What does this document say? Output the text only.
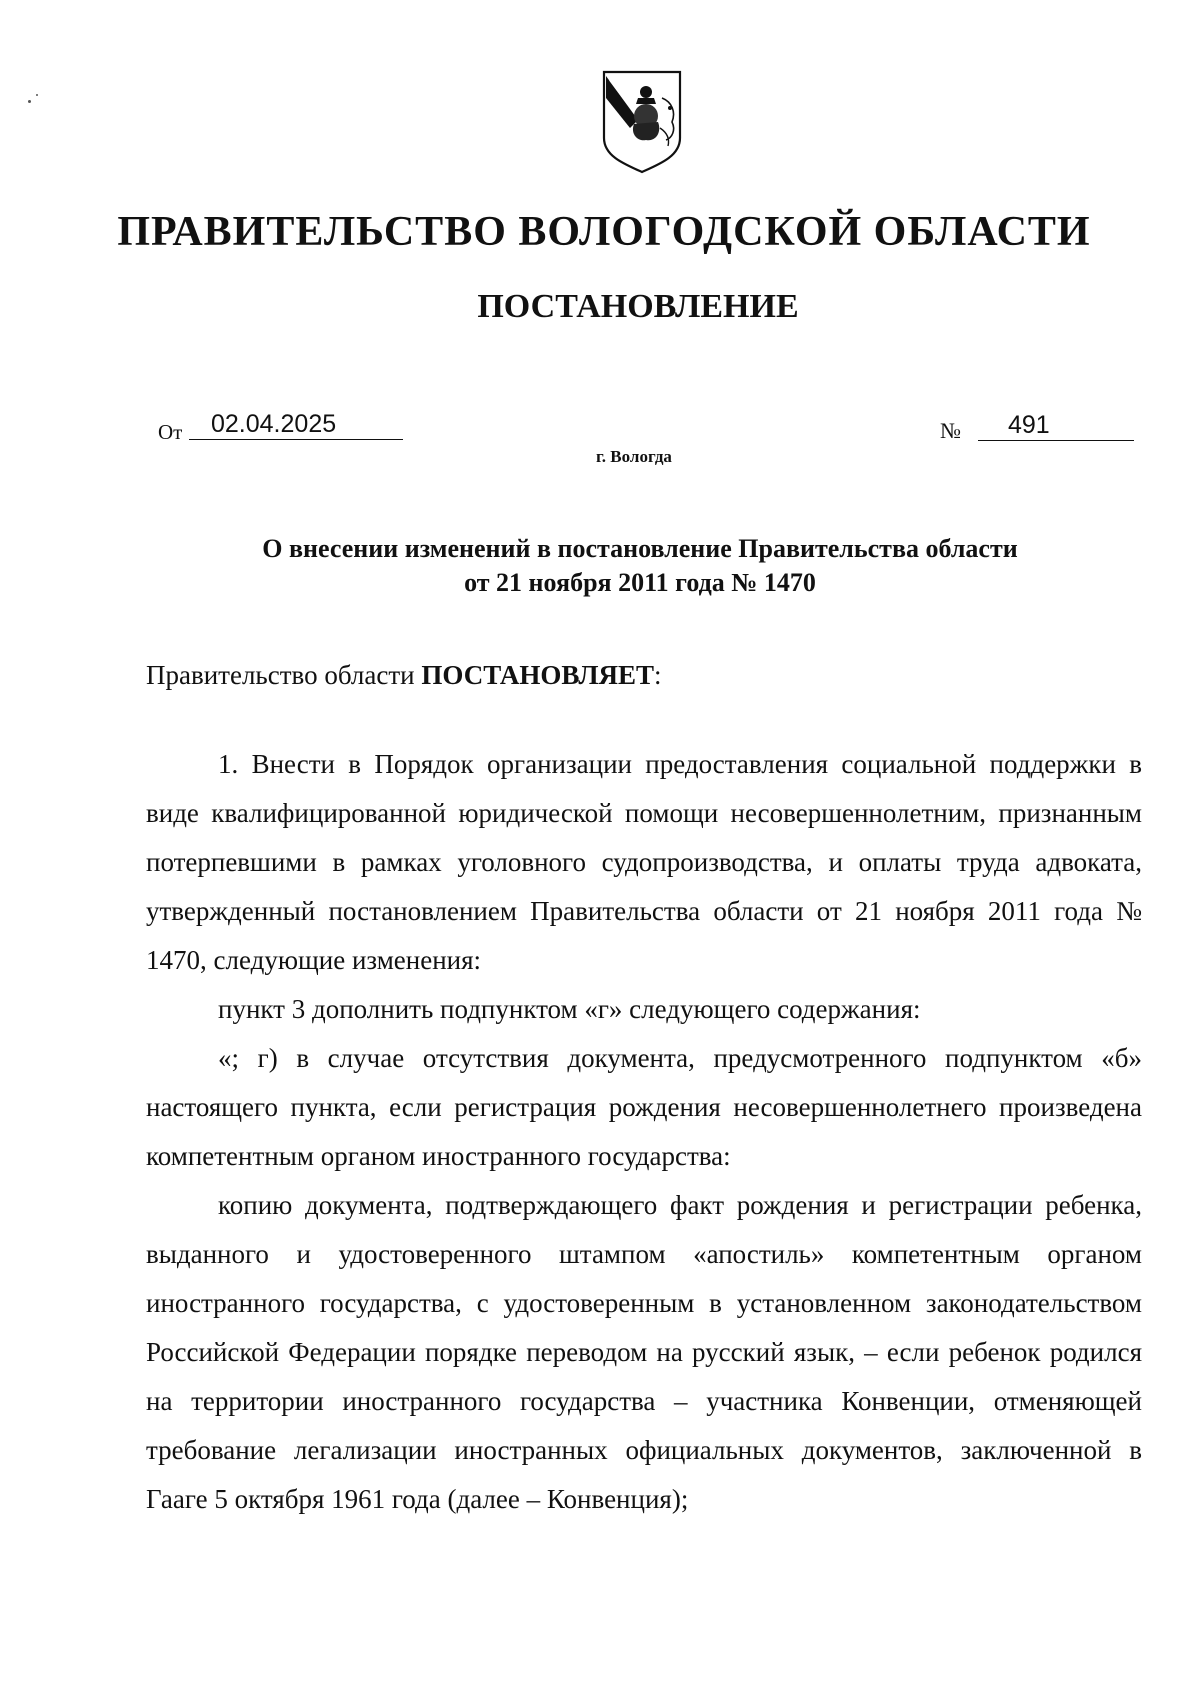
ПРАВИТЕЛЬСТВО ВОЛОГОДСКОЙ ОБЛАСТИ
ПОСТАНОВЛЕНИЕ
От	02.04.2025	№	491
г. Вологда
О внесении изменений в постановление Правительства области
от 21 ноября 2011 года № 1470
Правительство области ПОСТАНОВЛЯЕТ:

1. Внести в Порядок организации предоставления социальной поддержки в виде квалифицированной юридической помощи несовершеннолетним, признанным потерпевшими в рамках уголовного судопроизводства, и оплаты труда адвоката, утвержденный постановлением Правительства области от 21 ноября 2011 года № 1470, следующие изменения:

пункт 3 дополнить подпунктом «г» следующего содержания:

«; г) в случае отсутствия документа, предусмотренного подпунктом «б» настоящего пункта, если регистрация рождения несовершеннолетнего произведена компетентным органом иностранного государства:

копию документа, подтверждающего факт рождения и регистрации ребенка, выданного и удостоверенного штампом «апостиль» компетентным органом иностранного государства, с удостоверенным в установленном законодательством Российской Федерации порядке переводом на русский язык, – если ребенок родился на территории иностранного государства – участника Конвенции, отменяющей требование легализации иностранных официальных документов, заключенной в Гааге 5 октября 1961 года (далее – Конвенция);
